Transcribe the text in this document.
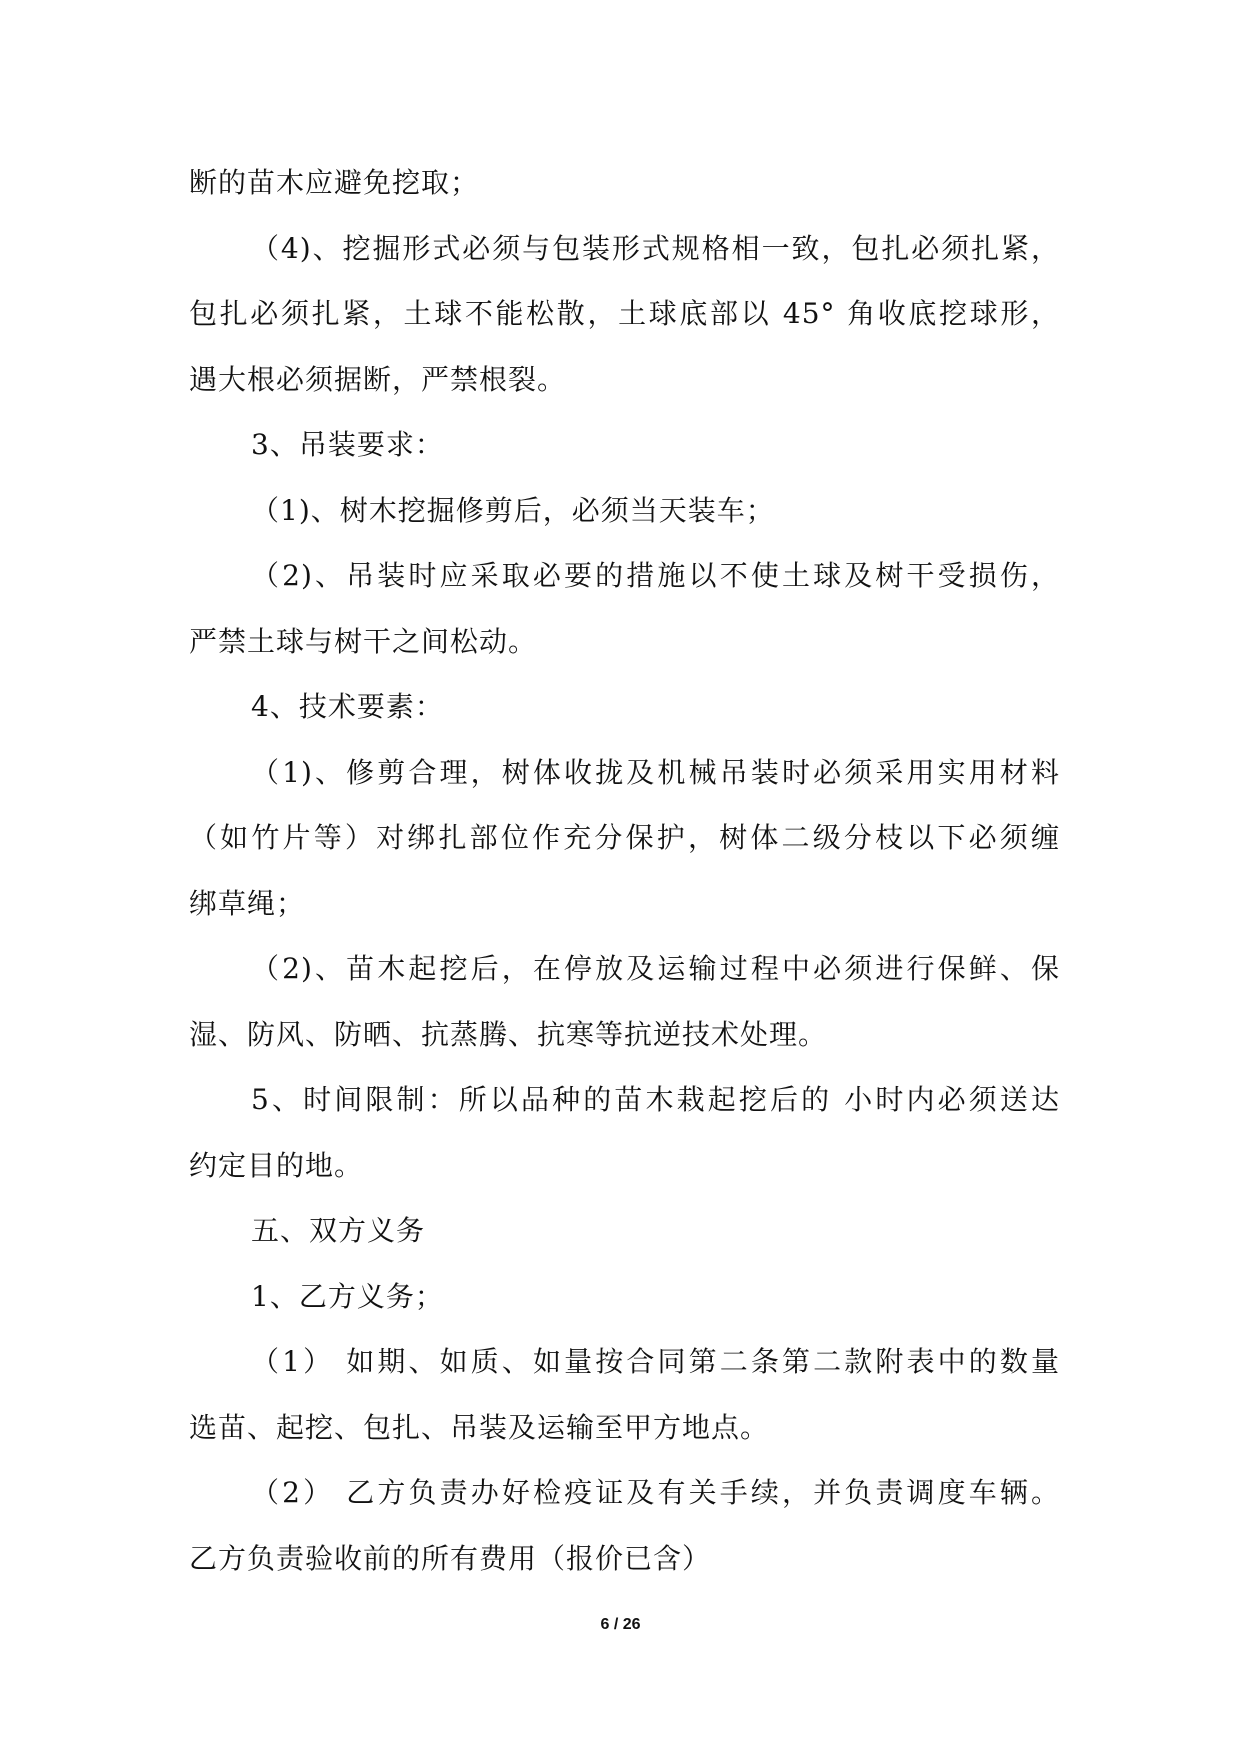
断的苗木应避免挖取；
（4)、挖掘形式必须与包装形式规格相一致，包扎必须扎紧，
包扎必须扎紧，土球不能松散，土球底部以 45° 角收底挖球形，
遇大根必须据断，严禁根裂。
3、吊装要求：
（1)、树木挖掘修剪后，必须当天装车；
（2)、吊装时应采取必要的措施以不使土球及树干受损伤，
严禁土球与树干之间松动。
4、技术要素：
（1)、修剪合理，树体收拢及机械吊装时必须采用实用材料
（如竹片等）对绑扎部位作充分保护，树体二级分枝以下必须缠
绑草绳；
（2)、苗木起挖后，在停放及运输过程中必须进行保鲜、保
湿、防风、防晒、抗蒸腾、抗寒等抗逆技术处理。
5、时间限制：所以品种的苗木栽起挖后的 小时内必须送达
约定目的地。
五、双方义务
1、乙方义务；
（1） 如期、如质、如量按合同第二条第二款附表中的数量
选苗、起挖、包扎、吊装及运输至甲方地点。
（2） 乙方负责办好检疫证及有关手续，并负责调度车辆。
乙方负责验收前的所有费用（报价已含）
6 / 26
